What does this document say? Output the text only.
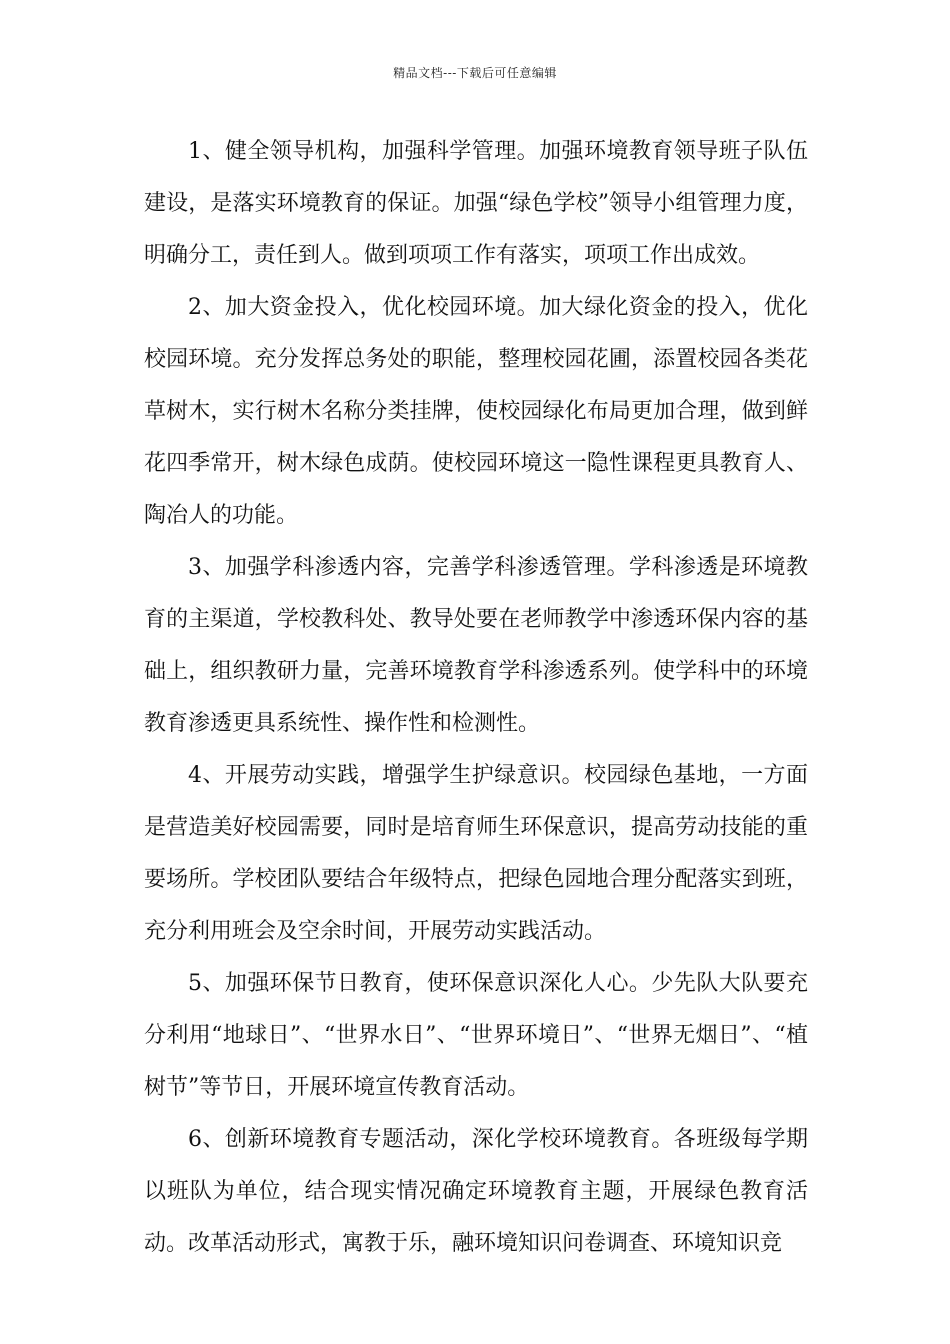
精品文档---下载后可任意编辑

1、健全领导机构，加强科学管理。加强环境教育领导班子队伍建设，是落实环境教育的保证。加强“绿色学校”领导小组管理力度，明确分工，责任到人。做到项项工作有落实，项项工作出成效。

2、加大资金投入，优化校园环境。加大绿化资金的投入，优化校园环境。充分发挥总务处的职能，整理校园花圃，添置校园各类花草树木，实行树木名称分类挂牌，使校园绿化布局更加合理，做到鲜花四季常开，树木绿色成荫。使校园环境这一隐性课程更具教育人、陶冶人的功能。

3、加强学科渗透内容，完善学科渗透管理。学科渗透是环境教育的主渠道，学校教科处、教导处要在老师教学中渗透环保内容的基础上，组织教研力量，完善环境教育学科渗透系列。使学科中的环境教育渗透更具系统性、操作性和检测性。

4、开展劳动实践，增强学生护绿意识。校园绿色基地，一方面是营造美好校园需要，同时是培育师生环保意识，提高劳动技能的重要场所。学校团队要结合年级特点，把绿色园地合理分配落实到班，充分利用班会及空余时间，开展劳动实践活动。

5、加强环保节日教育，使环保意识深化人心。少先队大队要充分利用“地球日”、“世界水日”、“世界环境日”、“世界无烟日”、“植树节”等节日，开展环境宣传教育活动。

6、创新环境教育专题活动，深化学校环境教育。各班级每学期以班队为单位，结合现实情况确定环境教育主题，开展绿色教育活动。改革活动形式，寓教于乐，融环境知识问卷调查、环境知识竞
